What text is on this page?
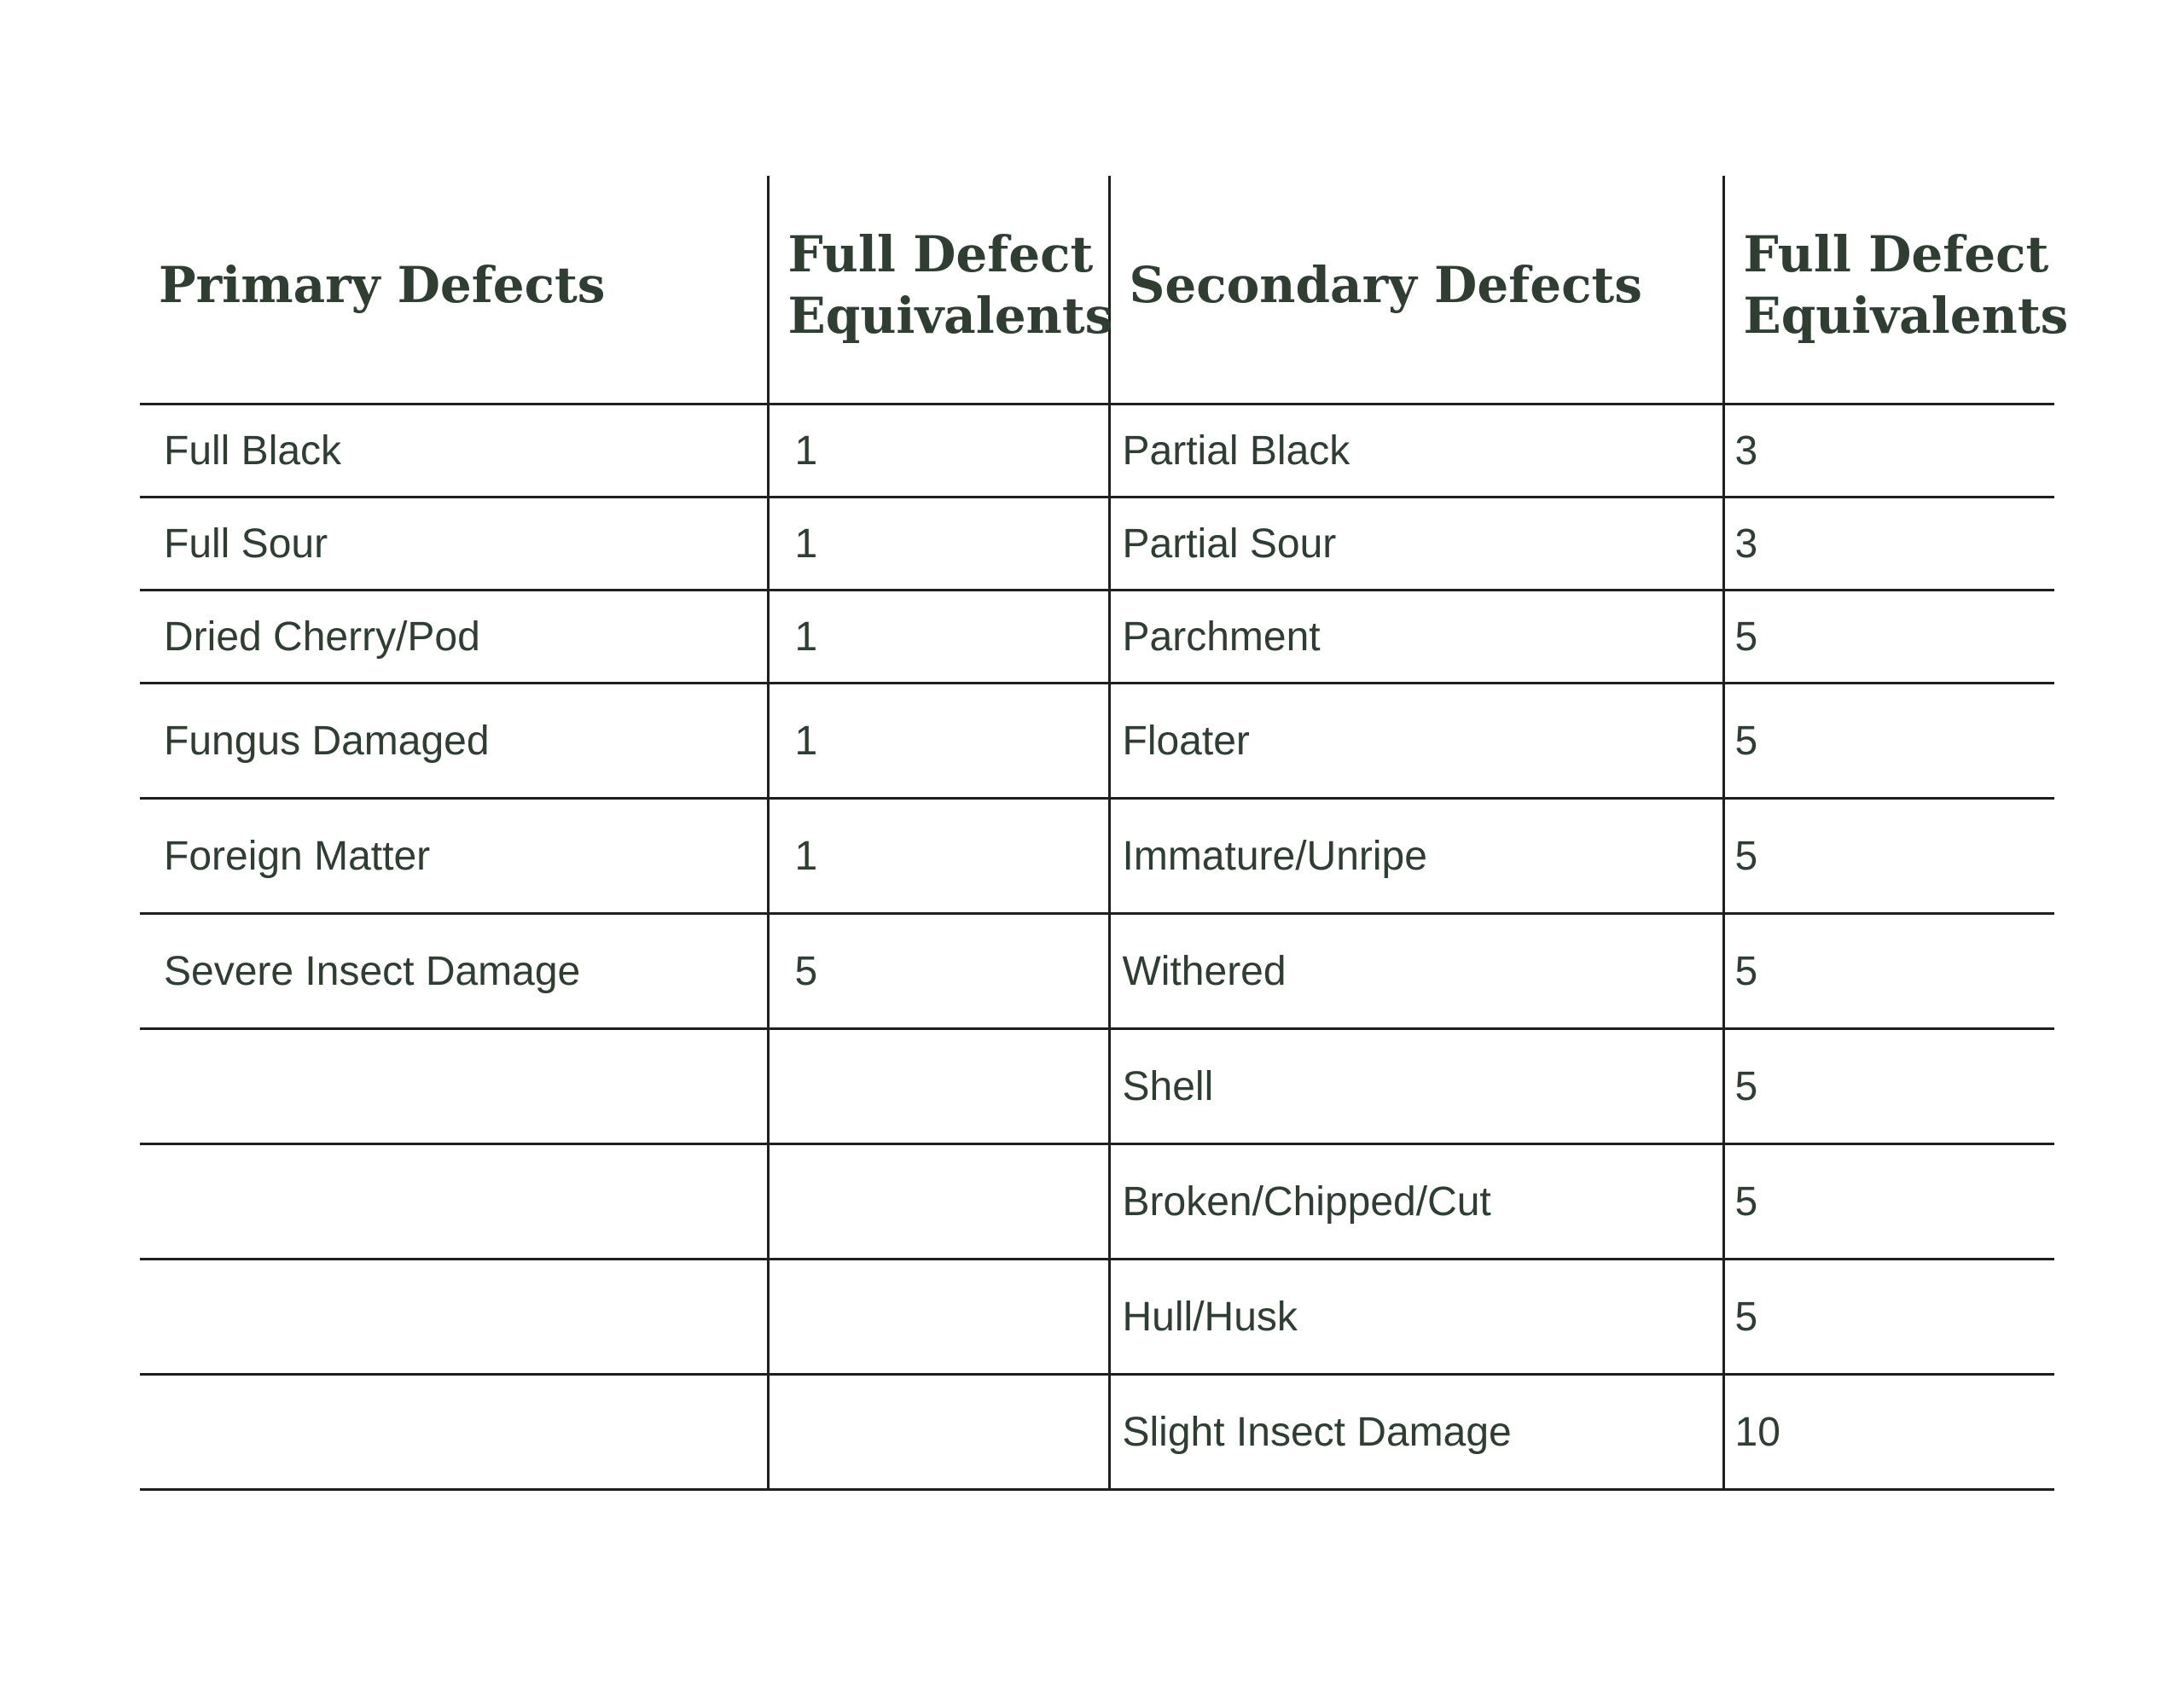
Primary Defects	Full Defect Equivalents	Secondary Defects	Full Defect Equivalents
Full Black	1	Partial Black	3
Full Sour	1	Partial Sour	3
Dried Cherry/Pod	1	Parchment	5
Fungus Damaged	1	Floater	5
Foreign Matter	1	Immature/Unripe	5
Severe Insect Damage	5	Withered	5
		Shell	5
		Broken/Chipped/Cut	5
		Hull/Husk	5
		Slight Insect Damage	10
